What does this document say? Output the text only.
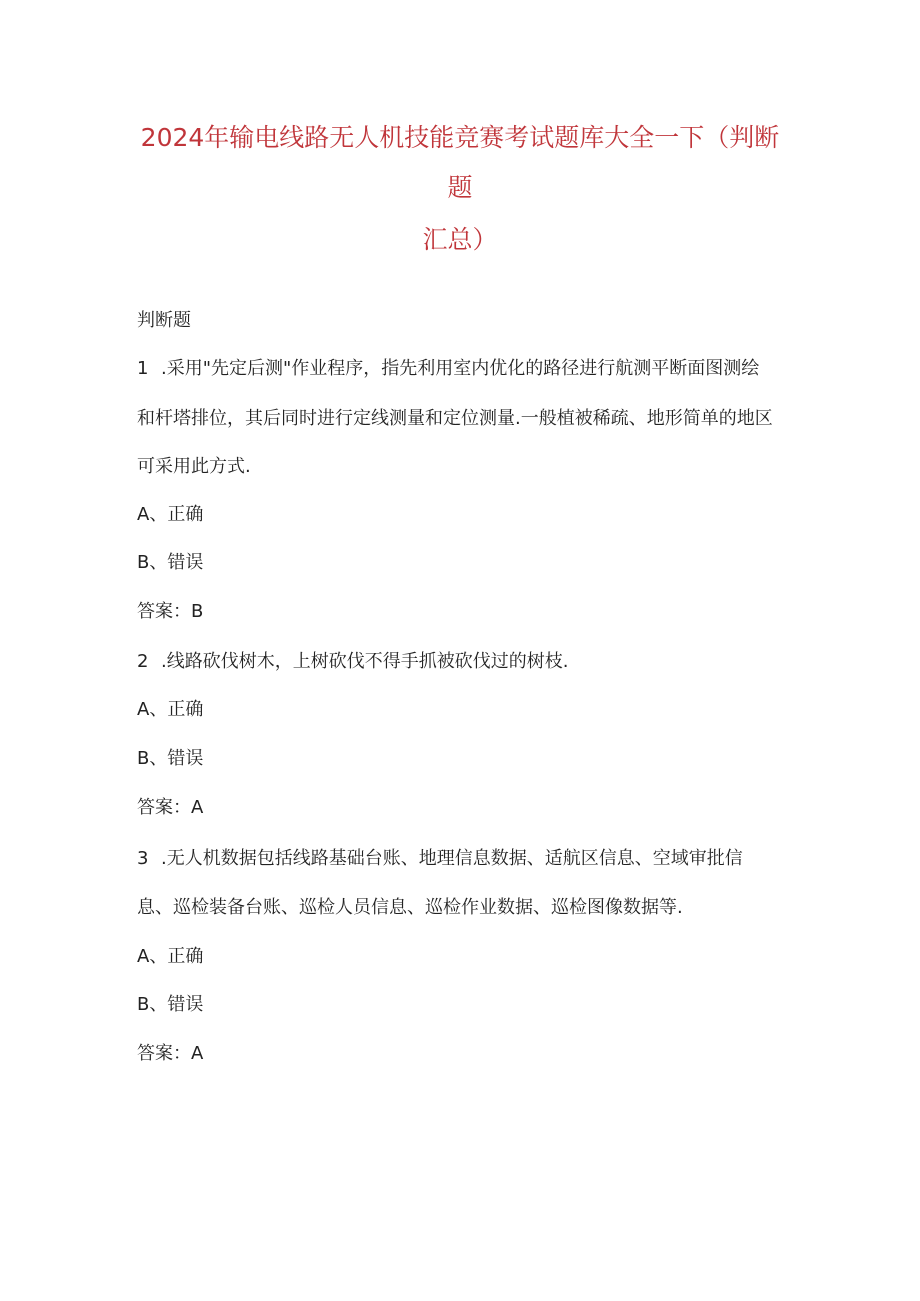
2024年输电线路无人机技能竞赛考试题库大全一下（判断
题
汇总）
判断题
1 .采用"先定后测"作业程序，指先利用室内优化的路径进行航测平断面图测绘
和杆塔排位，其后同时进行定线测量和定位测量.一般植被稀疏、地形简单的地区
可采用此方式.
A、正确
B、错误
答案：B
2 .线路砍伐树木，上树砍伐不得手抓被砍伐过的树枝.
A、正确
B、错误
答案：A
3 .无人机数据包括线路基础台账、地理信息数据、适航区信息、空域审批信
息、巡检装备台账、巡检人员信息、巡检作业数据、巡检图像数据等.
A、正确
B、错误
答案：A
